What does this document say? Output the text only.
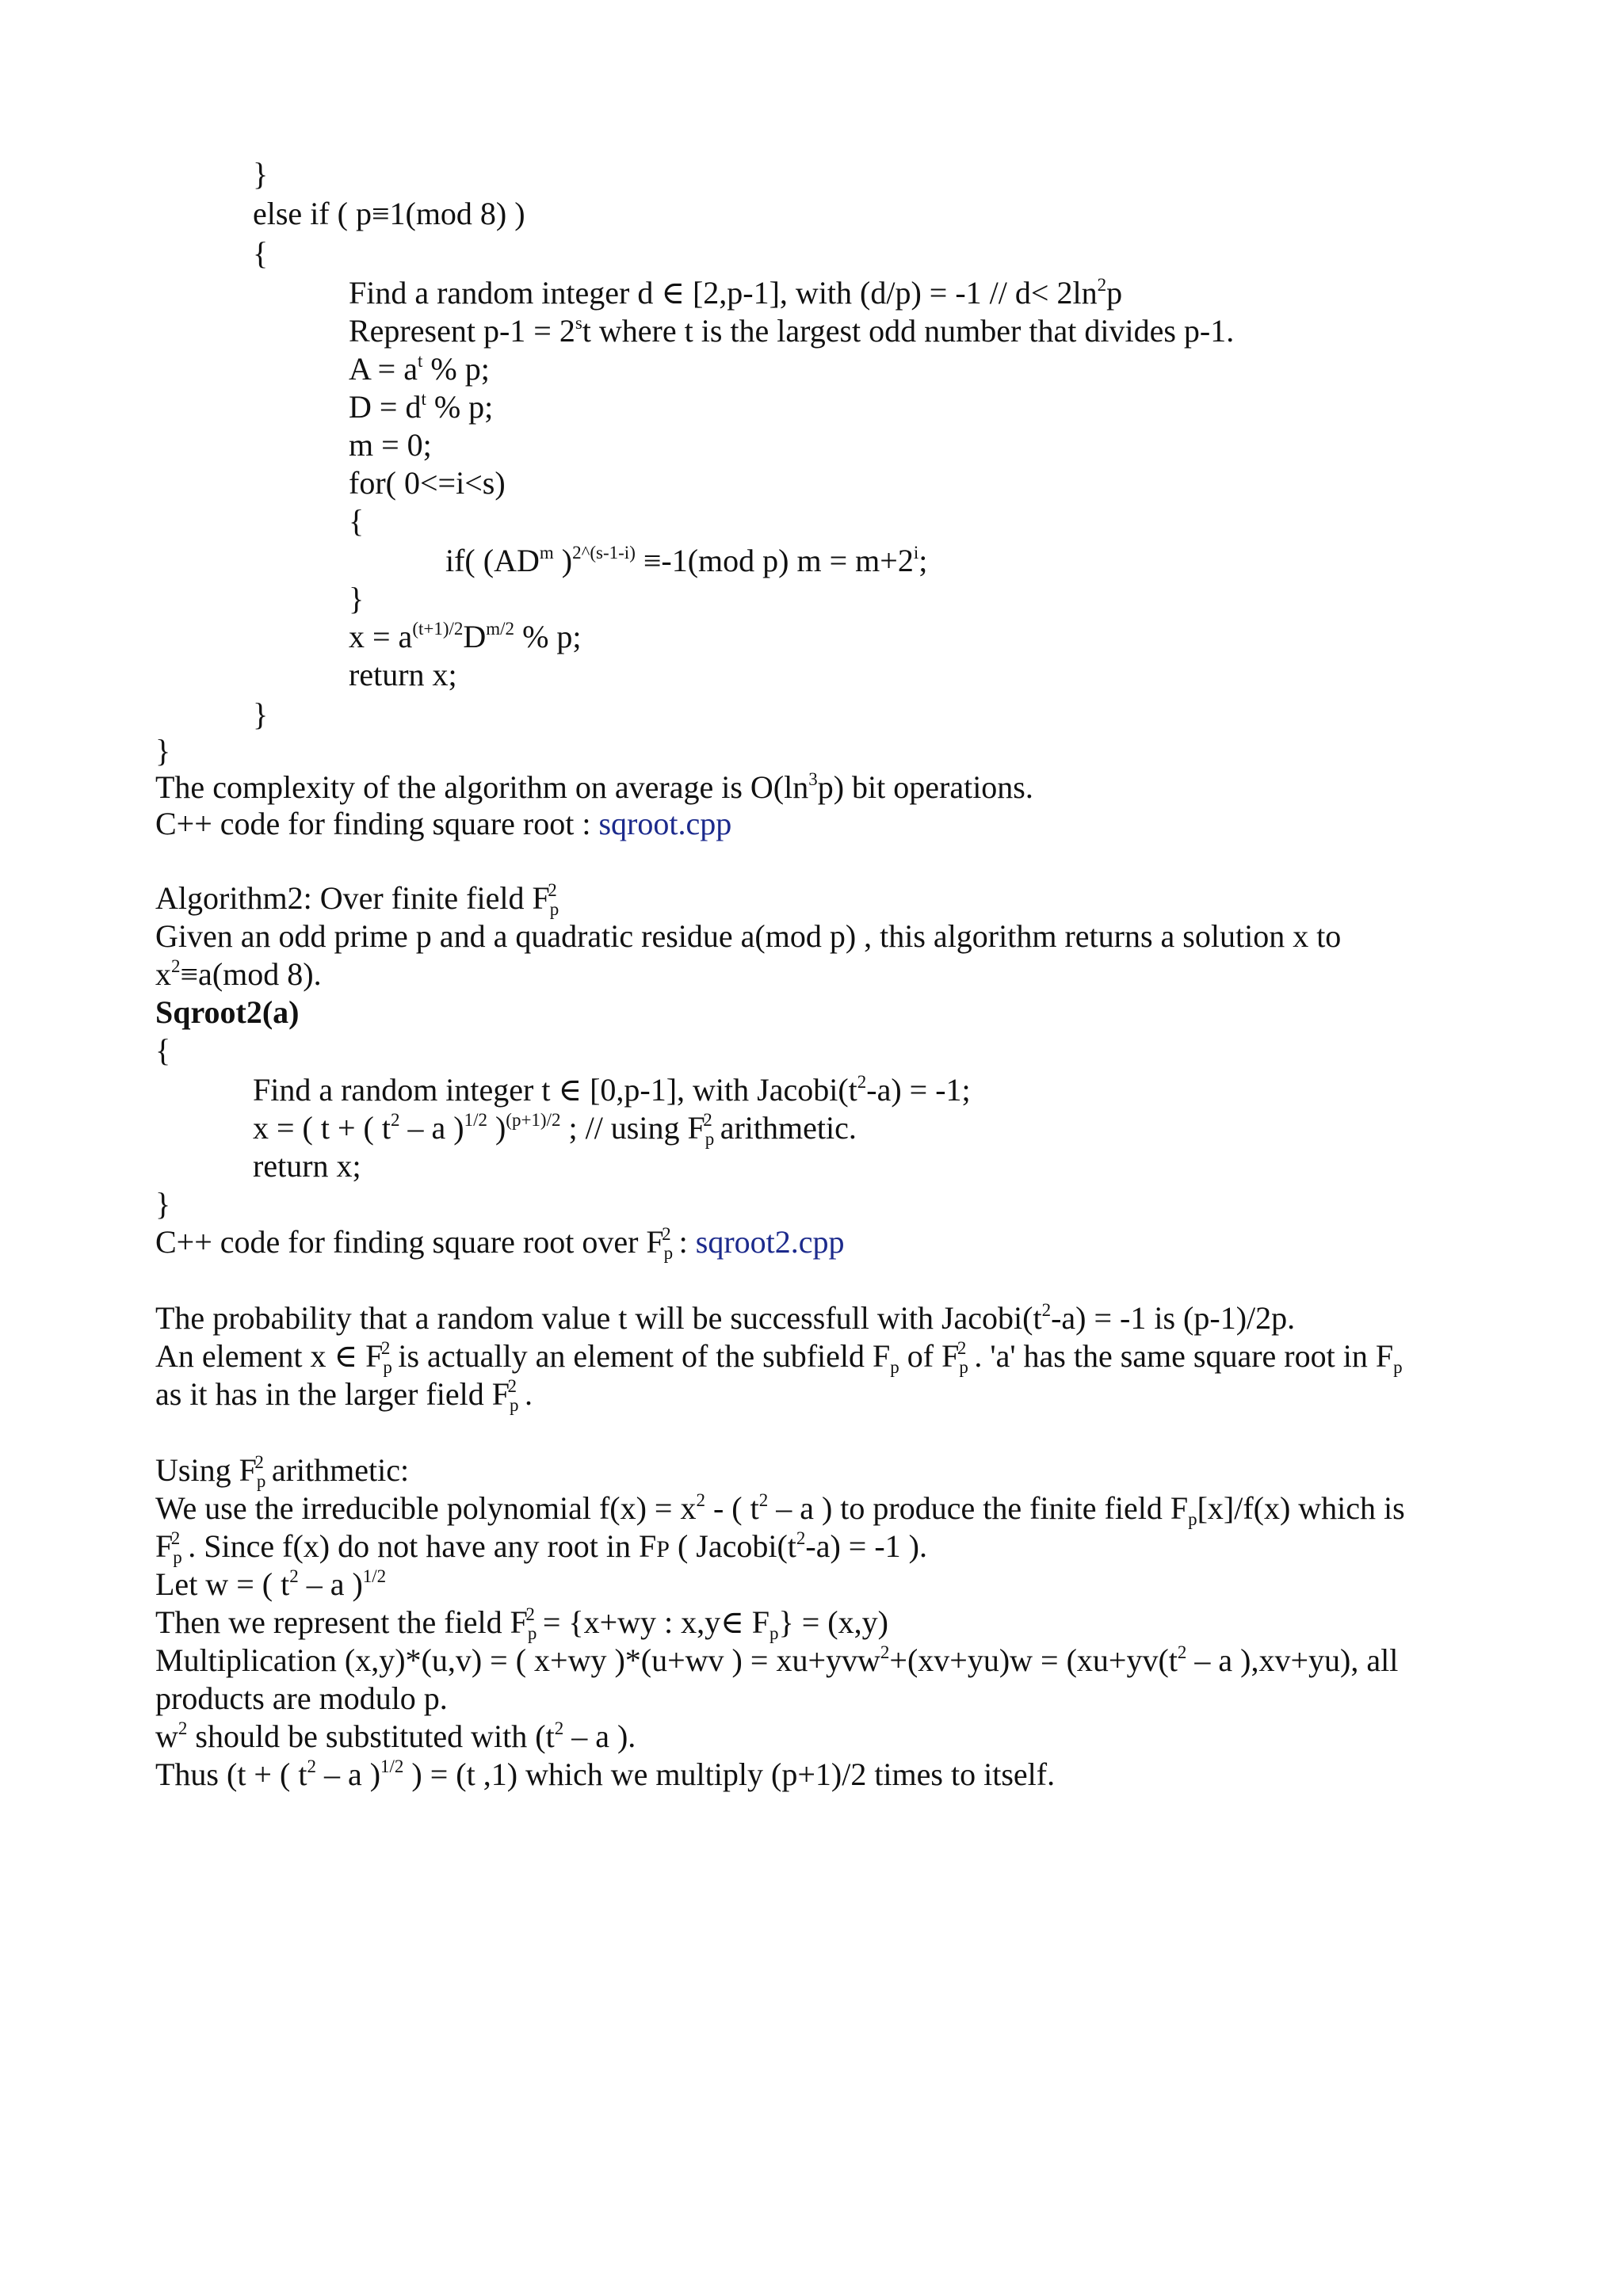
}
else if ( p≡1(mod 8) )
{
Find a random integer d ∈ [2,p-1], with $(d/p) = -1 // d< 2\ln^2p$
Represent $p-1 = 2^st$ where t is the largest odd number that divides p-1.
$A = a^t$ % p;
$D = d^t$ % p;
m = 0;
for( 0<=i<s)
{
if( ($AD^m$ )$^{2\^{}(s-1-i)}$ ≡-1(mod p) $m = m+2^i$;
}
$x = a^{(t+1)/2}D^{m/2}$ % p;
return x;
}
}
The complexity of the algorithm on average is $O(\ln^3p)$ bit operations.
C++ code for finding square root : sqroot.cpp
Algorithm2: Over finite field $F_p^2$
Given an odd prime p and a quadratic residue a(mod p) , this algorithm returns a solution x to
$x^2\equiv a(mod$ 8).
Sqroot2(a)
{
Find a random integer t ∈ [0,p-1], with $Jacobi(t^2-a) = -1$;
x = ( t + ( $t^2$ – a )$^{1/2}$ )$^{(p+1)/2}$ ; // using $F_p^2$ arithmetic.
return x;
}
C++ code for finding square root over $F_p^2$ : sqroot2.cpp
The probability that a random value t will be successfull with $Jacobi(t^2-a) = -1$ is (p-1)/2p.
An element x ∈ $F_p^2$ is actually an element of the subfield $F_p$ of $F_p^2$ . 'a' has the same square root in $F_p$
as it has in the larger field $F_p^2$ .
Using $F_p^2$ arithmetic:
We use the irreducible polynomial $f(x) = x^2$ - ( $t^2$ – a ) to produce the finite field $F_p[x]/f(x)$ which is
$F_p^2$ . Since f(x) do not have any root in FP ( $Jacobi(t^2-a) = -1$ ).
Let w = ( $t^2$ – a )$^{1/2}$
Then we represent the field $F_p^2 = \{x+wy$ : x,y∈ $F_p\} = (x,y)$
Multiplication (x,y)*(u,v) = ( x+wy )*(u+wv ) = $xu+yvw^2+(xv+yu)w = (xu+yv(t^2 - a$ ),xv+yu), all
products are modulo p.
$w^2$ should be substituted with ($t^2$ – a ).
Thus (t + ( $t^2$ – a )$^{1/2}$ ) = (t ,1) which we multiply (p+1)/2 times to itself.
